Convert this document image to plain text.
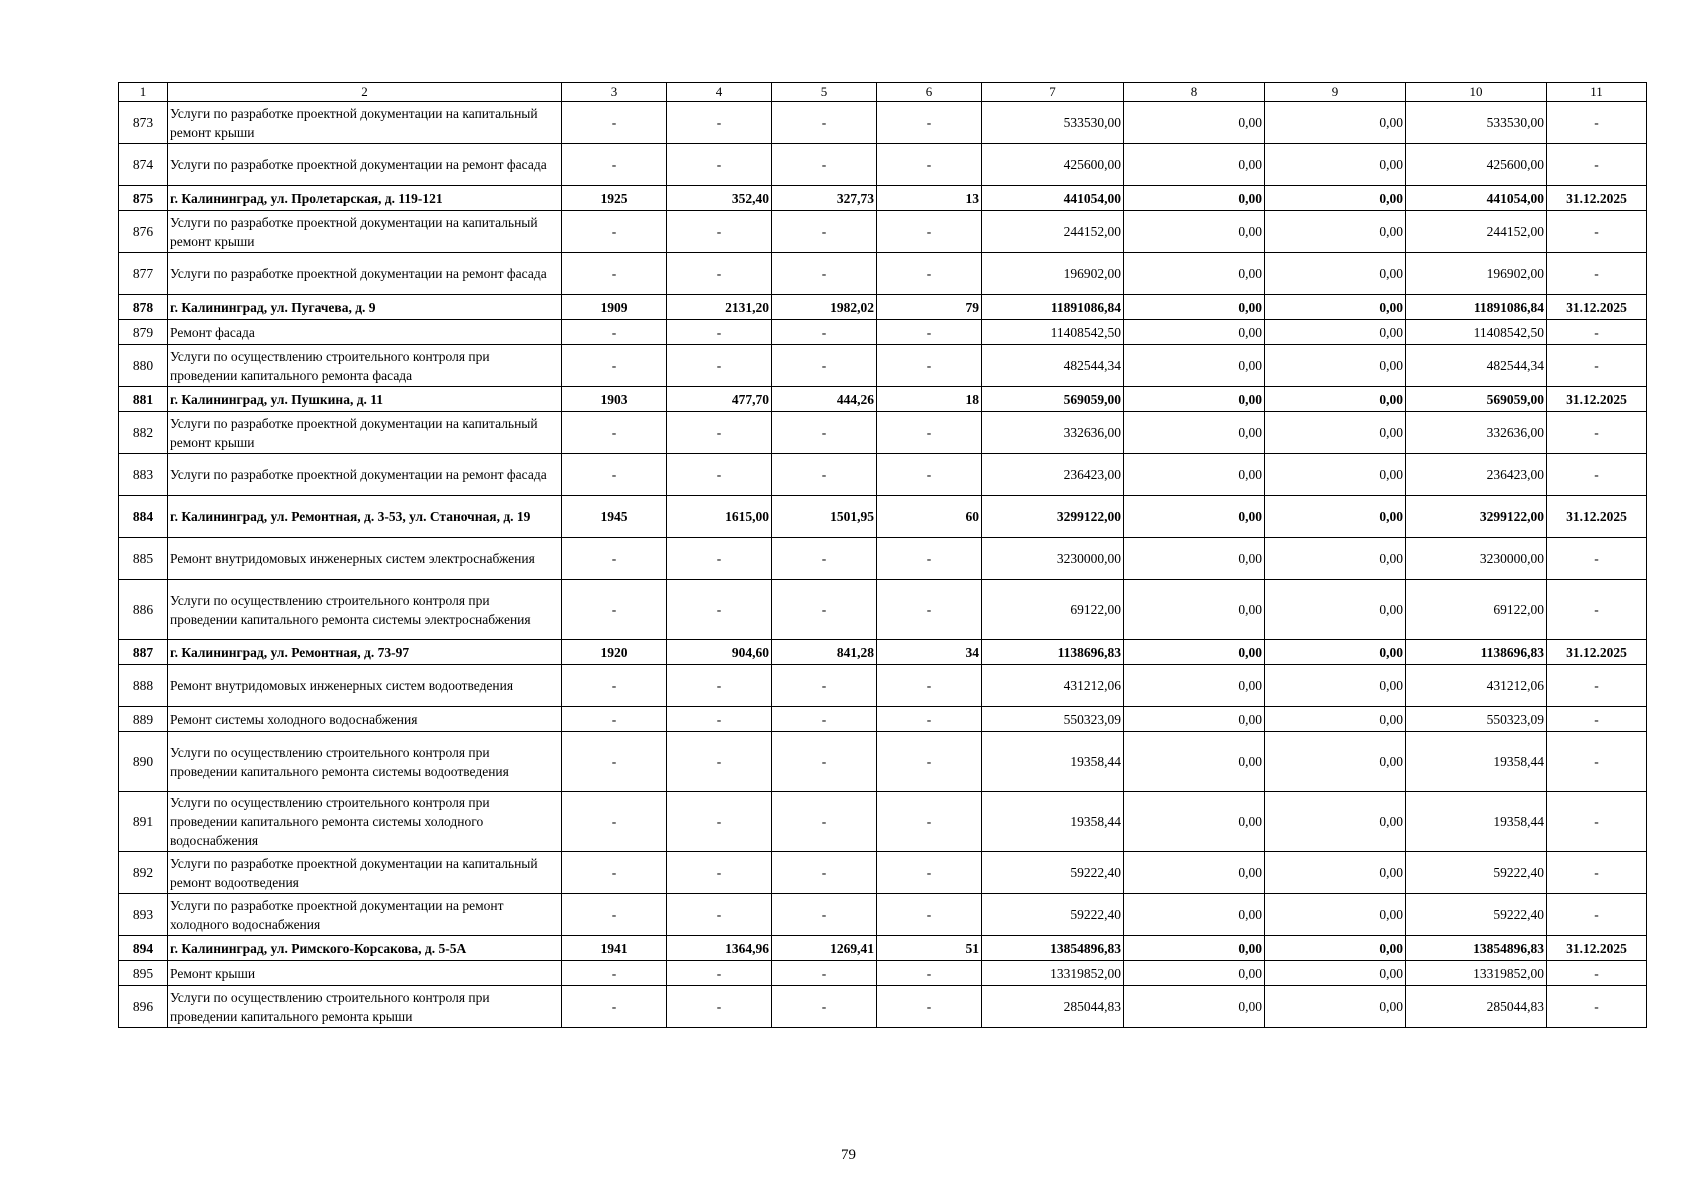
1	2	3	4	5	6	7	8	9	10	11
873	Услуги по разработке проектной документации на капитальный ремонт крыши	-	-	-	-	533530,00	0,00	0,00	533530,00	-
874	Услуги по разработке проектной документации на ремонт фасада	-	-	-	-	425600,00	0,00	0,00	425600,00	-
875	г. Калининград, ул. Пролетарская, д. 119-121	1925	352,40	327,73	13	441054,00	0,00	0,00	441054,00	31.12.2025
876	Услуги по разработке проектной документации на капитальный ремонт крыши	-	-	-	-	244152,00	0,00	0,00	244152,00	-
877	Услуги по разработке проектной документации на ремонт фасада	-	-	-	-	196902,00	0,00	0,00	196902,00	-
878	г. Калининград, ул. Пугачева, д. 9	1909	2131,20	1982,02	79	11891086,84	0,00	0,00	11891086,84	31.12.2025
879	Ремонт фасада	-	-	-	-	11408542,50	0,00	0,00	11408542,50	-
880	Услуги по осуществлению строительного контроля при проведении капитального ремонта фасада	-	-	-	-	482544,34	0,00	0,00	482544,34	-
881	г. Калининград, ул. Пушкина, д. 11	1903	477,70	444,26	18	569059,00	0,00	0,00	569059,00	31.12.2025
882	Услуги по разработке проектной документации на капитальный ремонт крыши	-	-	-	-	332636,00	0,00	0,00	332636,00	-
883	Услуги по разработке проектной документации на ремонт фасада	-	-	-	-	236423,00	0,00	0,00	236423,00	-
884	г. Калининград, ул. Ремонтная, д. 3-53, ул. Станочная, д. 19	1945	1615,00	1501,95	60	3299122,00	0,00	0,00	3299122,00	31.12.2025
885	Ремонт внутридомовых инженерных систем электроснабжения	-	-	-	-	3230000,00	0,00	0,00	3230000,00	-
886	Услуги по осуществлению строительного контроля при проведении капитального ремонта системы электроснабжения	-	-	-	-	69122,00	0,00	0,00	69122,00	-
887	г. Калининград, ул. Ремонтная, д. 73-97	1920	904,60	841,28	34	1138696,83	0,00	0,00	1138696,83	31.12.2025
888	Ремонт внутридомовых инженерных систем водоотведения	-	-	-	-	431212,06	0,00	0,00	431212,06	-
889	Ремонт системы холодного водоснабжения	-	-	-	-	550323,09	0,00	0,00	550323,09	-
890	Услуги по осуществлению строительного контроля при проведении капитального ремонта системы водоотведения	-	-	-	-	19358,44	0,00	0,00	19358,44	-
891	Услуги по осуществлению строительного контроля при проведении капитального ремонта системы холодного водоснабжения	-	-	-	-	19358,44	0,00	0,00	19358,44	-
892	Услуги по разработке проектной документации на капитальный ремонт водоотведения	-	-	-	-	59222,40	0,00	0,00	59222,40	-
893	Услуги по разработке проектной документации на ремонт холодного водоснабжения	-	-	-	-	59222,40	0,00	0,00	59222,40	-
894	г. Калининград, ул. Римского-Корсакова, д. 5-5А	1941	1364,96	1269,41	51	13854896,83	0,00	0,00	13854896,83	31.12.2025
895	Ремонт крыши	-	-	-	-	13319852,00	0,00	0,00	13319852,00	-
896	Услуги по осуществлению строительного контроля при проведении капитального ремонта крыши	-	-	-	-	285044,83	0,00	0,00	285044,83	-
79
